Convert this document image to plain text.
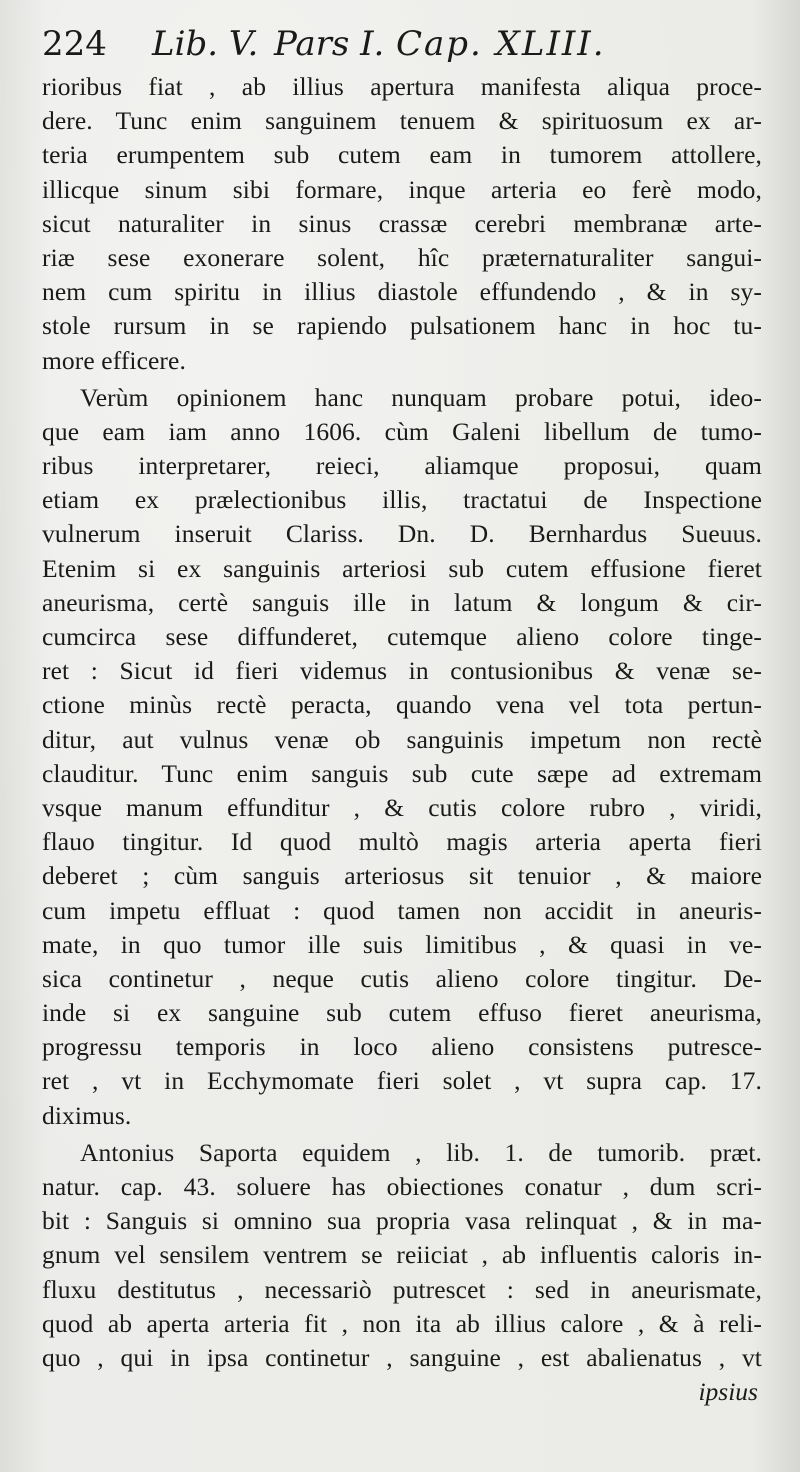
224	Lib. V. Pars I. Cap. XLIII.
rioribus fiat , ab illius apertura manifesta aliqua proce-
dere. Tunc enim sanguinem tenuem & spirituosum ex ar-
teria erumpentem sub cutem eam in tumorem attollere,
illicque sinum sibi formare, inque arteria eo ferè modo,
sicut naturaliter in sinus crassæ cerebri membranæ arte-
riæ sese exonerare solent, hîc præternaturaliter sangui-
nem cum spiritu in illius diastole effundendo , & in sy-
stole rursum in se rapiendo pulsationem hanc in hoc tu-
more efficere.
Verùm opinionem hanc nunquam probare potui, ideo-
que eam iam anno 1606. cùm Galeni libellum de tumo-
ribus interpretarer, reieci, aliamque proposui, quam
etiam ex prælectionibus illis, tractatui de Inspectione
vulnerum inseruit Clariss. Dn. D. Bernhardus Sueuus.
Etenim si ex sanguinis arteriosi sub cutem effusione fieret
aneurisma, certè sanguis ille in latum & longum & cir-
cumcirca sese diffunderet, cutemque alieno colore tinge-
ret : Sicut id fieri videmus in contusionibus & venæ se-
ctione minùs rectè peracta, quando vena vel tota pertun-
ditur, aut vulnus venæ ob sanguinis impetum non rectè
clauditur. Tunc enim sanguis sub cute sæpe ad extremam
vsque manum effunditur , & cutis colore rubro , viridi,
flauo tingitur. Id quod multò magis arteria aperta fieri
deberet ; cùm sanguis arteriosus sit tenuior , & maiore
cum impetu effluat : quod tamen non accidit in aneuris-
mate, in quo tumor ille suis limitibus , & quasi in ve-
sica continetur , neque cutis alieno colore tingitur. De-
inde si ex sanguine sub cutem effuso fieret aneurisma,
progressu temporis in loco alieno consistens putresce-
ret , vt in Ecchymomate fieri solet , vt supra cap. 17.
diximus.
Antonius Saporta equidem , lib. 1. de tumorib. præt.
natur. cap. 43. soluere has obiectiones conatur , dum scri-
bit : Sanguis si omnino sua propria vasa relinquat , & in ma-
gnum vel sensilem ventrem se reiiciat , ab influentis caloris in-
fluxu destitutus , necessariò putrescet : sed in aneurismate,
quod ab aperta arteria fit , non ita ab illius calore , & à reli-
quo , qui in ipsa continetur , sanguine , est abalienatus , vt
ipsius
